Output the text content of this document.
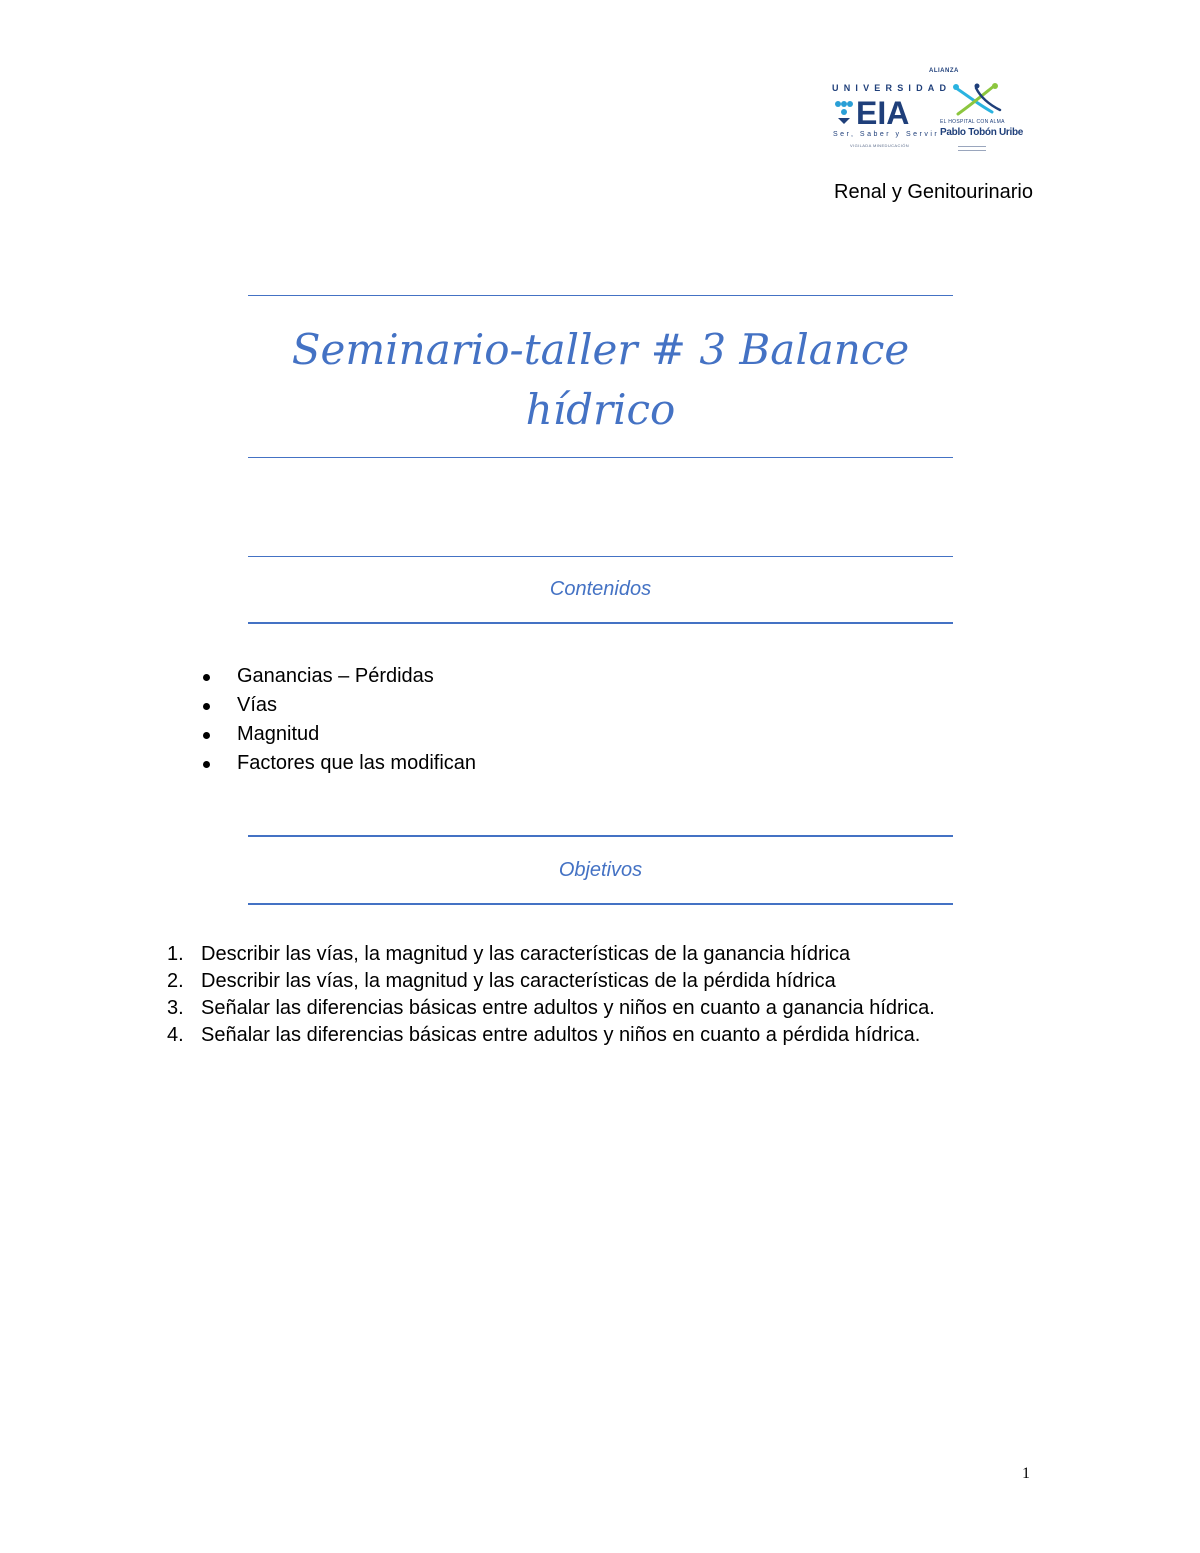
ALIANZA
UNIVERSIDAD
EIA
Ser, Saber y Servir
VIGILADA MINEDUCACIÓN
EL HOSPITAL CON ALMA
Pablo Tobón Uribe
Renal y Genitourinario
Seminario-taller # 3 Balance
hídrico
Contenidos
Ganancias – Pérdidas
Vías
Magnitud
Factores que las modifican
Objetivos
1. Describir las vías, la magnitud y las características de la ganancia hídrica
2. Describir las vías, la magnitud y las características de la pérdida hídrica
3. Señalar las diferencias básicas entre adultos y niños en cuanto a ganancia hídrica.
4. Señalar las diferencias básicas entre adultos y niños en cuanto a pérdida hídrica.
1
